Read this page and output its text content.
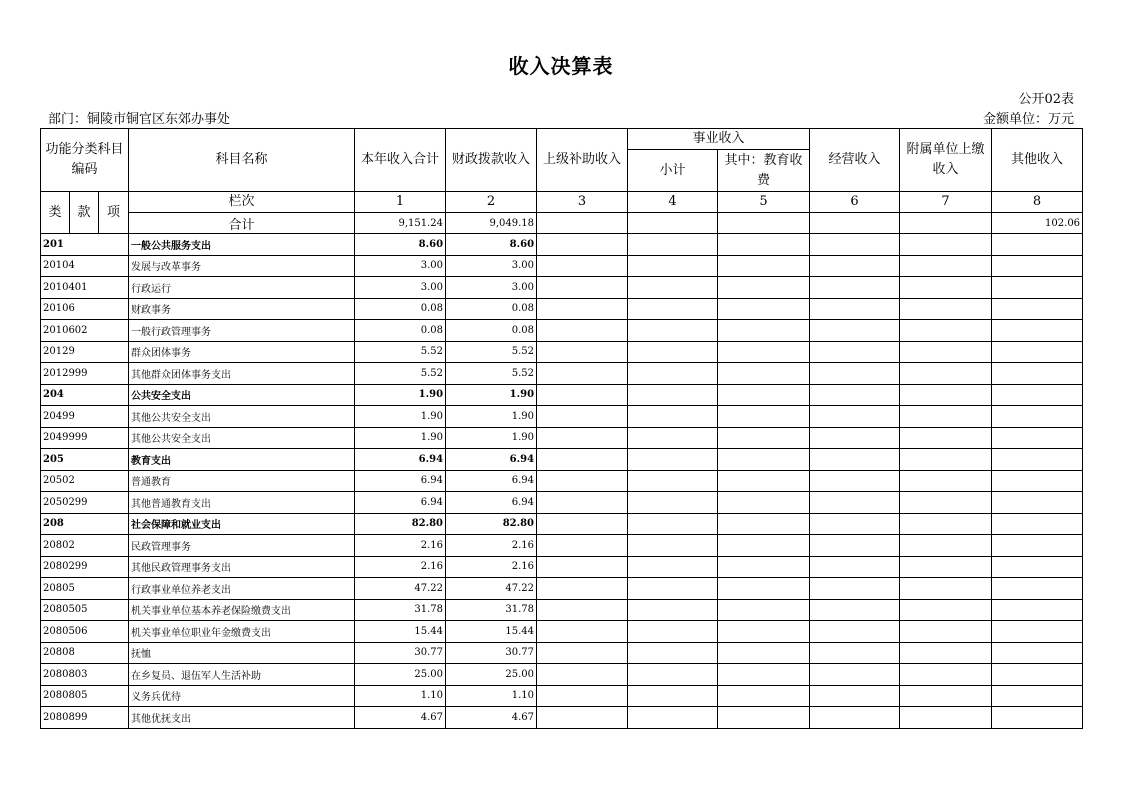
收入决算表
公开02表
部门：铜陵市铜官区东郊办事处	金额单位：万元
功能分类科目编码			科目名称	本年收入合计	财政拨款收入	上级补助收入	事业收入		经营收入	附属单位上缴收入	其他收入
							小计	其中：教育收费			
类	款	项	栏次	1	2	3	4	5	6	7	8
			合计	9,151.24	9,049.18						102.06
201			一般公共服务支出	8.60	8.60						
20104			发展与改革事务	3.00	3.00						
2010401			行政运行	3.00	3.00						
20106			财政事务	0.08	0.08						
2010602			一般行政管理事务	0.08	0.08						
20129			群众团体事务	5.52	5.52						
2012999			其他群众团体事务支出	5.52	5.52						
204			公共安全支出	1.90	1.90						
20499			其他公共安全支出	1.90	1.90						
2049999			其他公共安全支出	1.90	1.90						
205			教育支出	6.94	6.94						
20502			普通教育	6.94	6.94						
2050299			其他普通教育支出	6.94	6.94						
208			社会保障和就业支出	82.80	82.80						
20802			民政管理事务	2.16	2.16						
2080299			其他民政管理事务支出	2.16	2.16						
20805			行政事业单位养老支出	47.22	47.22						
2080505			机关事业单位基本养老保险缴费支出	31.78	31.78						
2080506			机关事业单位职业年金缴费支出	15.44	15.44						
20808			抚恤	30.77	30.77						
2080803			在乡复员、退伍军人生活补助	25.00	25.00						
2080805			义务兵优待	1.10	1.10						
2080899			其他优抚支出	4.67	4.67						
